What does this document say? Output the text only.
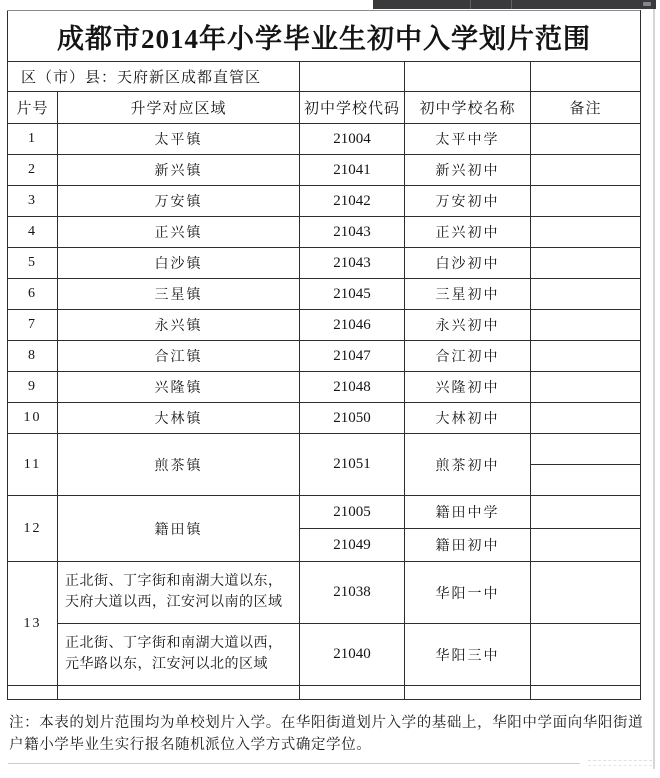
成都市2014年小学毕业生初中入学划片范围				
区（市）县：天府新区成都直管区				
片号	升学对应区域	初中学校代码	初中学校名称	备注
1	太平镇	21004	太平中学	
2	新兴镇	21041	新兴初中	
3	万安镇	21042	万安初中	
4	正兴镇	21043	正兴初中	
5	白沙镇	21043	白沙初中	
6	三星镇	21045	三星初中	
7	永兴镇	21046	永兴初中	
8	合江镇	21047	合江初中	
9	兴隆镇	21048	兴隆初中	
10	大林镇	21050	大林初中	
11	煎茶镇	21051	煎茶初中	

12	籍田镇	21005	籍田中学	
		21049	籍田初中	
13	正北街、丁字街和南湖大道以东，天府大道以西，江安河以南的区域	21038	华阳一中	
	正北街、丁字街和南湖大道以西，元华路以东，江安河以北的区域	21040	华阳三中	

注：本表的划片范围均为单校划片入学。在华阳街道划片入学的基础上，华阳中学面向华阳街道户籍小学毕业生实行报名随机派位入学方式确定学位。
